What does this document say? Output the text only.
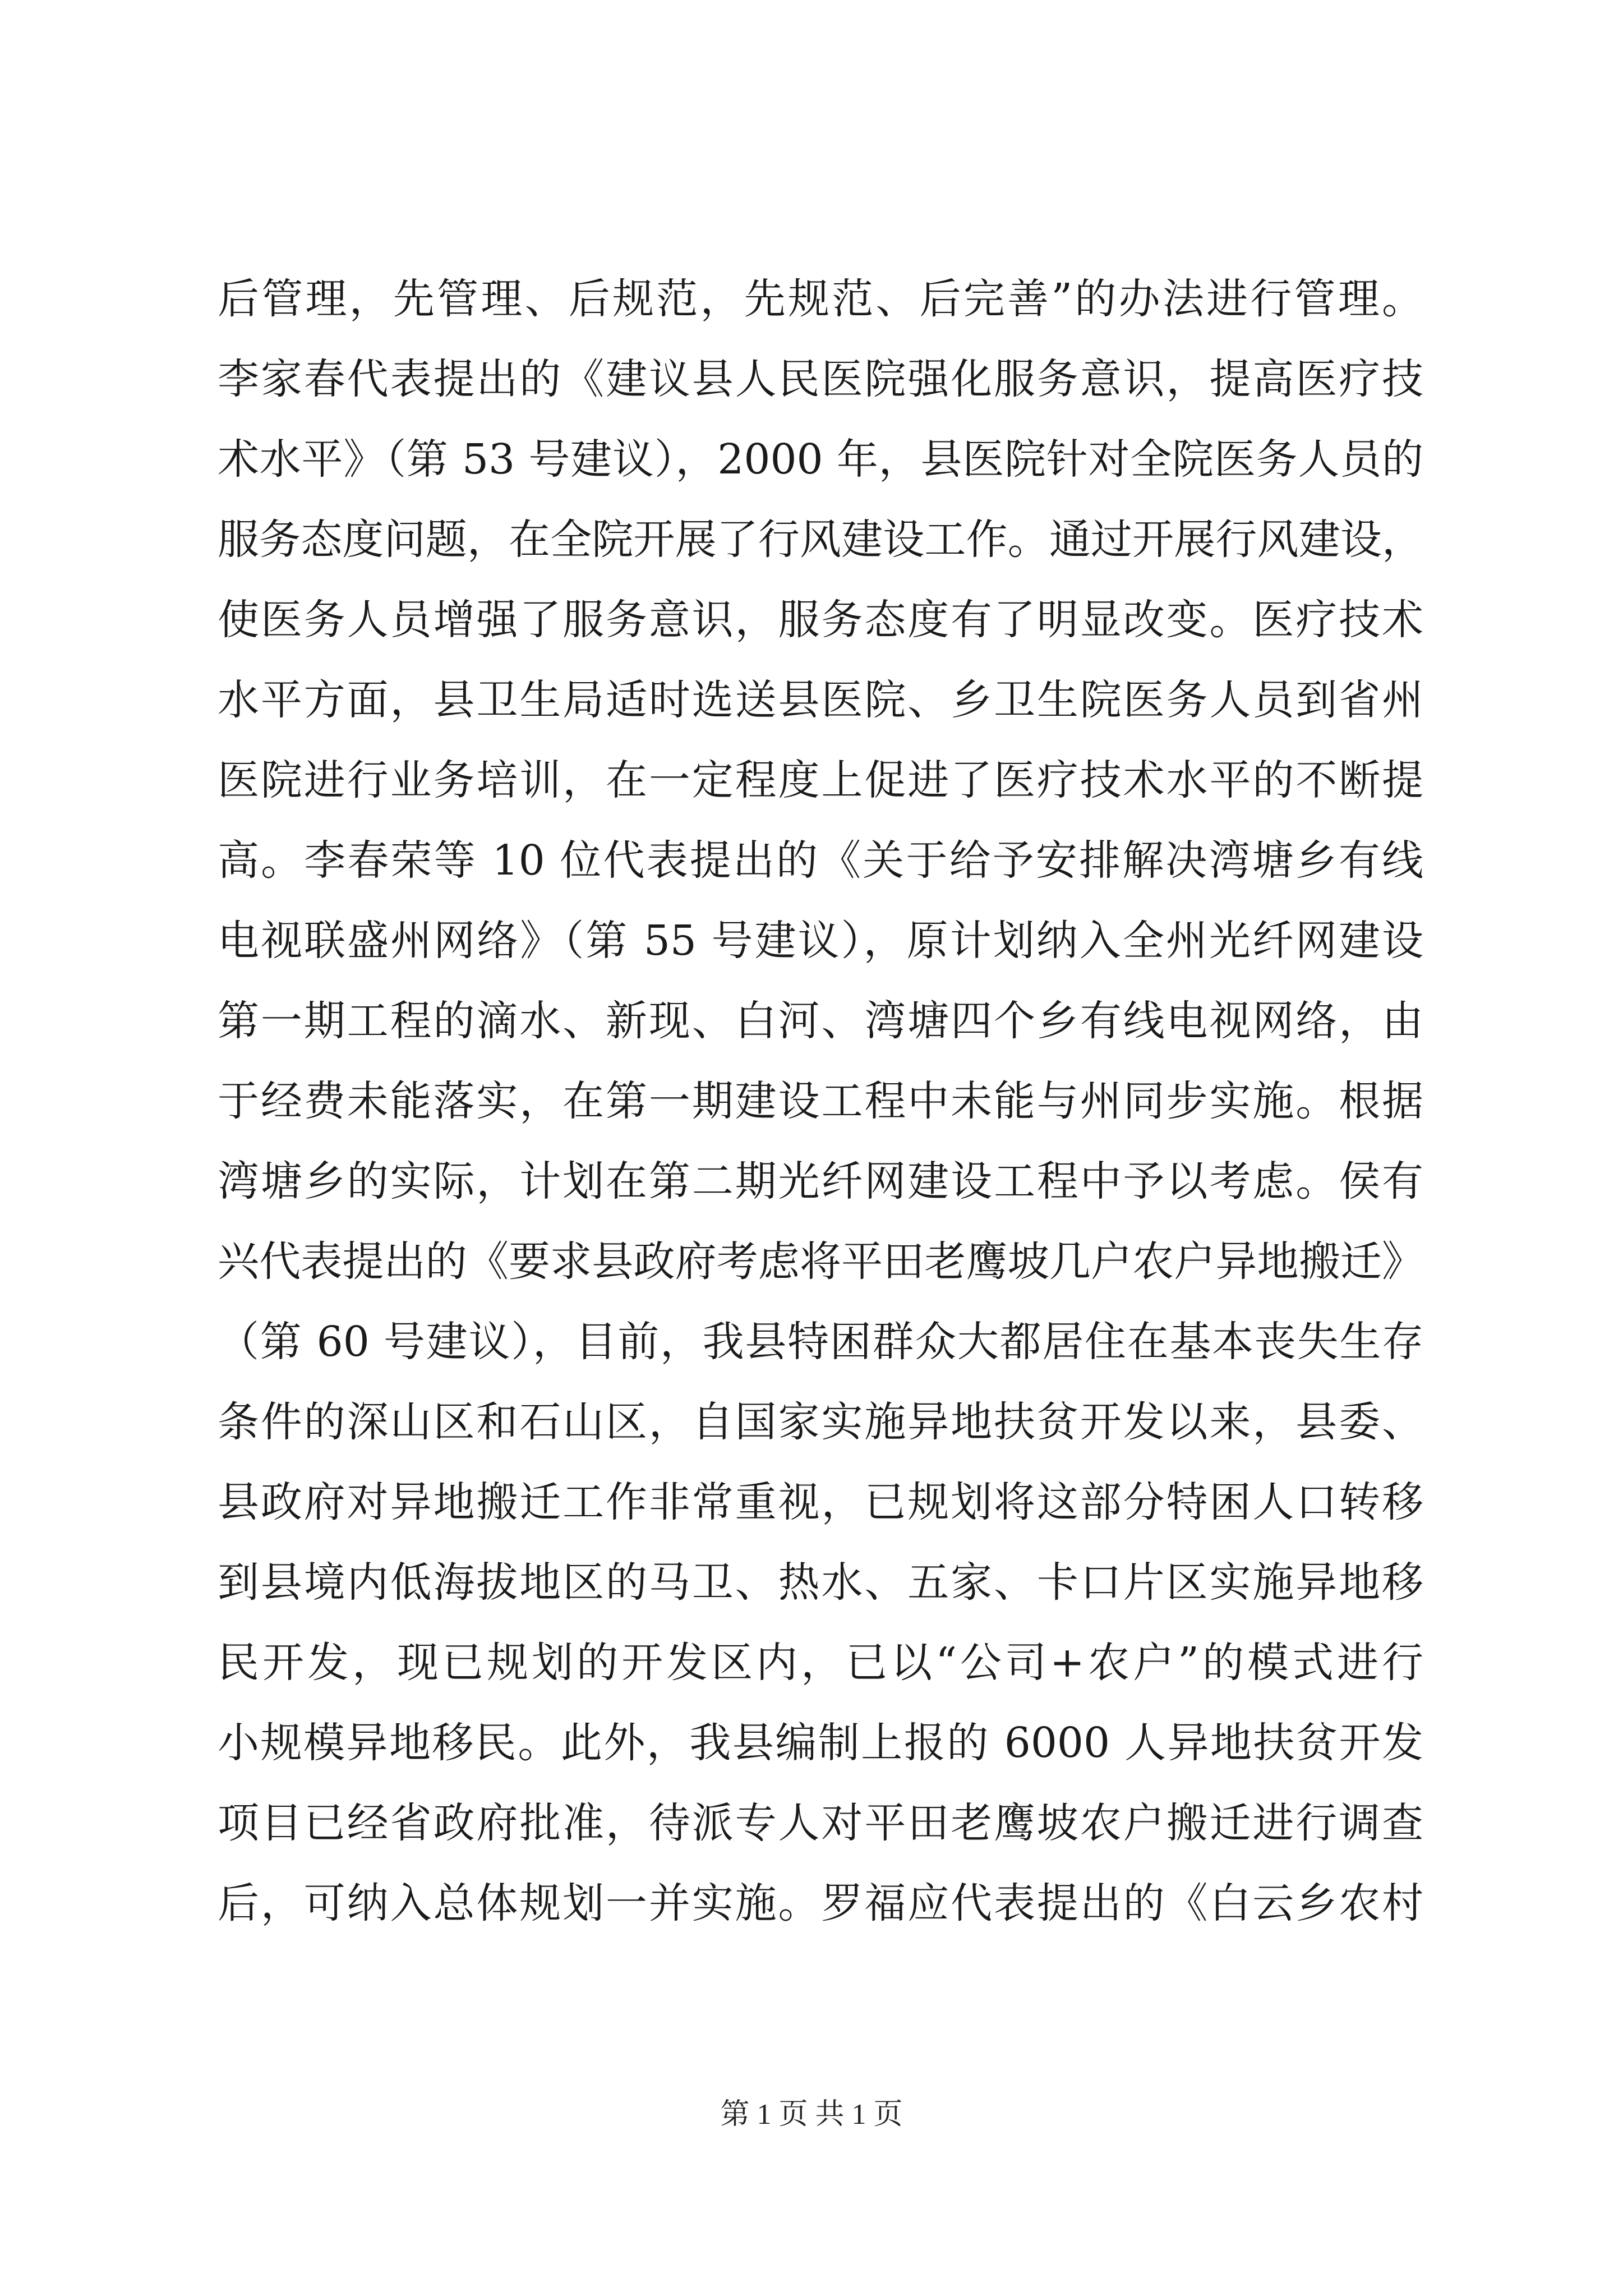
后管理，先管理、后规范，先规范、后完善”的办法进行管理。
李家春代表提出的《建议县人民医院强化服务意识，提高医疗技
术水平》（第 53 号建议），2000 年，县医院针对全院医务人员的
服务态度问题，在全院开展了行风建设工作。通过开展行风建设，
使医务人员增强了服务意识，服务态度有了明显改变。医疗技术
水平方面，县卫生局适时选送县医院、乡卫生院医务人员到省州
医院进行业务培训，在一定程度上促进了医疗技术水平的不断提
高。李春荣等 10 位代表提出的《关于给予安排解决湾塘乡有线
电视联盛州网络》（第 55 号建议），原计划纳入全州光纤网建设
第一期工程的滴水、新现、白河、湾塘四个乡有线电视网络，由
于经费未能落实，在第一期建设工程中未能与州同步实施。根据
湾塘乡的实际，计划在第二期光纤网建设工程中予以考虑。侯有
兴代表提出的《要求县政府考虑将平田老鹰坡几户农户异地搬迁》
（第 60 号建议），目前，我县特困群众大都居住在基本丧失生存
条件的深山区和石山区，自国家实施异地扶贫开发以来，县委、
县政府对异地搬迁工作非常重视，已规划将这部分特困人口转移
到县境内低海拔地区的马卫、热水、五家、卡口片区实施异地移
民开发，现已规划的开发区内，已以“公司+农户”的模式进行
小规模异地移民。此外，我县编制上报的 6000 人异地扶贫开发
项目已经省政府批准，待派专人对平田老鹰坡农户搬迁进行调查
后，可纳入总体规划一并实施。罗福应代表提出的《白云乡农村
第 1 页 共 1 页
